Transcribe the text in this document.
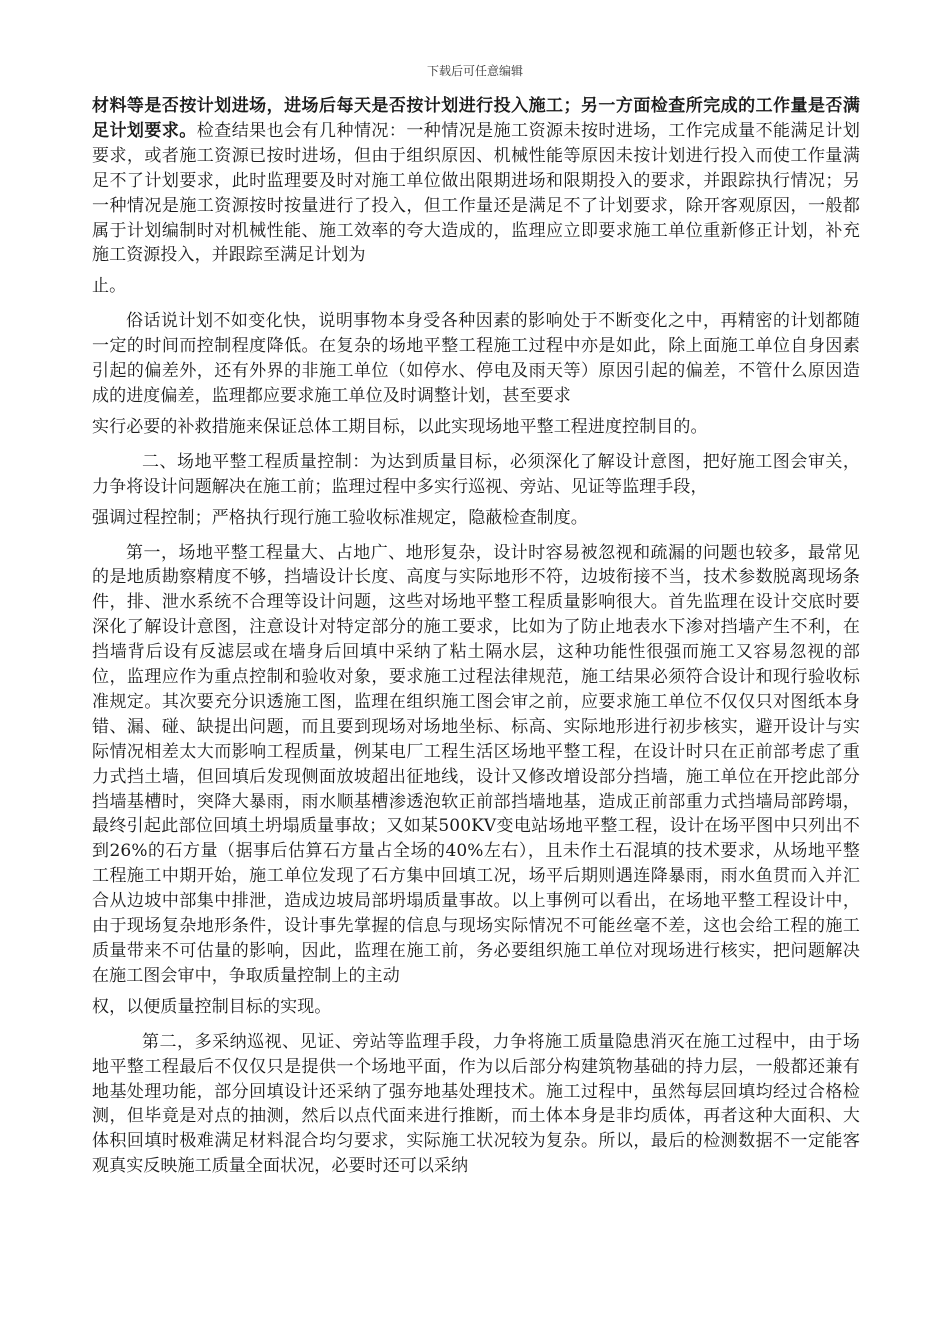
下载后可任意编辑

材料等是否按计划进场，进场后每天是否按计划进行投入施工；另一方面检查所完成的工作量是否满足计划要求。检查结果也会有几种情况：一种情况是施工资源未按时进场，工作完成量不能满足计划要求，或者施工资源已按时进场，但由于组织原因、机械性能等原因未按计划进行投入而使工作量满足不了计划要求，此时监理要及时对施工单位做出限期进场和限期投入的要求，并跟踪执行情况；另一种情况是施工资源按时按量进行了投入，但工作量还是满足不了计划要求，除开客观原因，一般都属于计划编制时对机械性能、施工效率的夸大造成的，监理应立即要求施工单位重新修正计划，补充施工资源投入，并跟踪至满足计划为

止。

俗话说计划不如变化快，说明事物本身受各种因素的影响处于不断变化之中，再精密的计划都随一定的时间而控制程度降低。在复杂的场地平整工程施工过程中亦是如此，除上面施工单位自身因素引起的偏差外，还有外界的非施工单位（如停水、停电及雨天等）原因引起的偏差，不管什么原因造成的进度偏差，监理都应要求施工单位及时调整计划，甚至要求

实行必要的补救措施来保证总体工期目标，以此实现场地平整工程进度控制目的。

二、场地平整工程质量控制：为达到质量目标，必须深化了解设计意图，把好施工图会审关，力争将设计问题解决在施工前；监理过程中多实行巡视、旁站、见证等监理手段，

强调过程控制；严格执行现行施工验收标准规定，隐蔽检查制度。

第一，场地平整工程量大、占地广、地形复杂，设计时容易被忽视和疏漏的问题也较多，最常见的是地质勘察精度不够，挡墙设计长度、高度与实际地形不符，边坡衔接不当，技术参数脱离现场条件，排、泄水系统不合理等设计问题，这些对场地平整工程质量影响很大。首先监理在设计交底时要深化了解设计意图，注意设计对特定部分的施工要求，比如为了防止地表水下渗对挡墙产生不利，在挡墙背后设有反滤层或在墙身后回填中采纳了粘土隔水层，这种功能性很强而施工又容易忽视的部位，监理应作为重点控制和验收对象，要求施工过程法律规范，施工结果必须符合设计和现行验收标准规定。其次要充分识透施工图，监理在组织施工图会审之前，应要求施工单位不仅仅只对图纸本身错、漏、碰、缺提出问题，而且要到现场对场地坐标、标高、实际地形进行初步核实，避开设计与实际情况相差太大而影响工程质量，例某电厂工程生活区场地平整工程，在设计时只在正前部考虑了重力式挡土墙，但回填后发现侧面放坡超出征地线，设计又修改增设部分挡墙，施工单位在开挖此部分挡墙基槽时，突降大暴雨，雨水顺基槽渗透泡软正前部挡墙地基，造成正前部重力式挡墙局部跨塌，最终引起此部位回填土坍塌质量事故；又如某500KV变电站场地平整工程，设计在场平图中只列出不到26%的石方量（据事后估算石方量占全场的40%左右），且未作土石混填的技术要求，从场地平整工程施工中期开始，施工单位发现了石方集中回填工况，场平后期则遇连降暴雨，雨水鱼贯而入并汇合从边坡中部集中排泄，造成边坡局部坍塌质量事故。以上事例可以看出，在场地平整工程设计中，由于现场复杂地形条件，设计事先掌握的信息与现场实际情况不可能丝毫不差，这也会给工程的施工质量带来不可估量的影响，因此，监理在施工前，务必要组织施工单位对现场进行核实，把问题解决在施工图会审中，争取质量控制上的主动

权，以便质量控制目标的实现。

第二，多采纳巡视、见证、旁站等监理手段，力争将施工质量隐患消灭在施工过程中，由于场地平整工程最后不仅仅只是提供一个场地平面，作为以后部分构建筑物基础的持力层，一般都还兼有地基处理功能，部分回填设计还采纳了强夯地基处理技术。施工过程中，虽然每层回填均经过合格检测，但毕竟是对点的抽测，然后以点代面来进行推断，而土体本身是非均质体，再者这种大面积、大体积回填时极难满足材料混合均匀要求，实际施工状况较为复杂。所以，最后的检测数据不一定能客观真实反映施工质量全面状况，必要时还可以采纳
